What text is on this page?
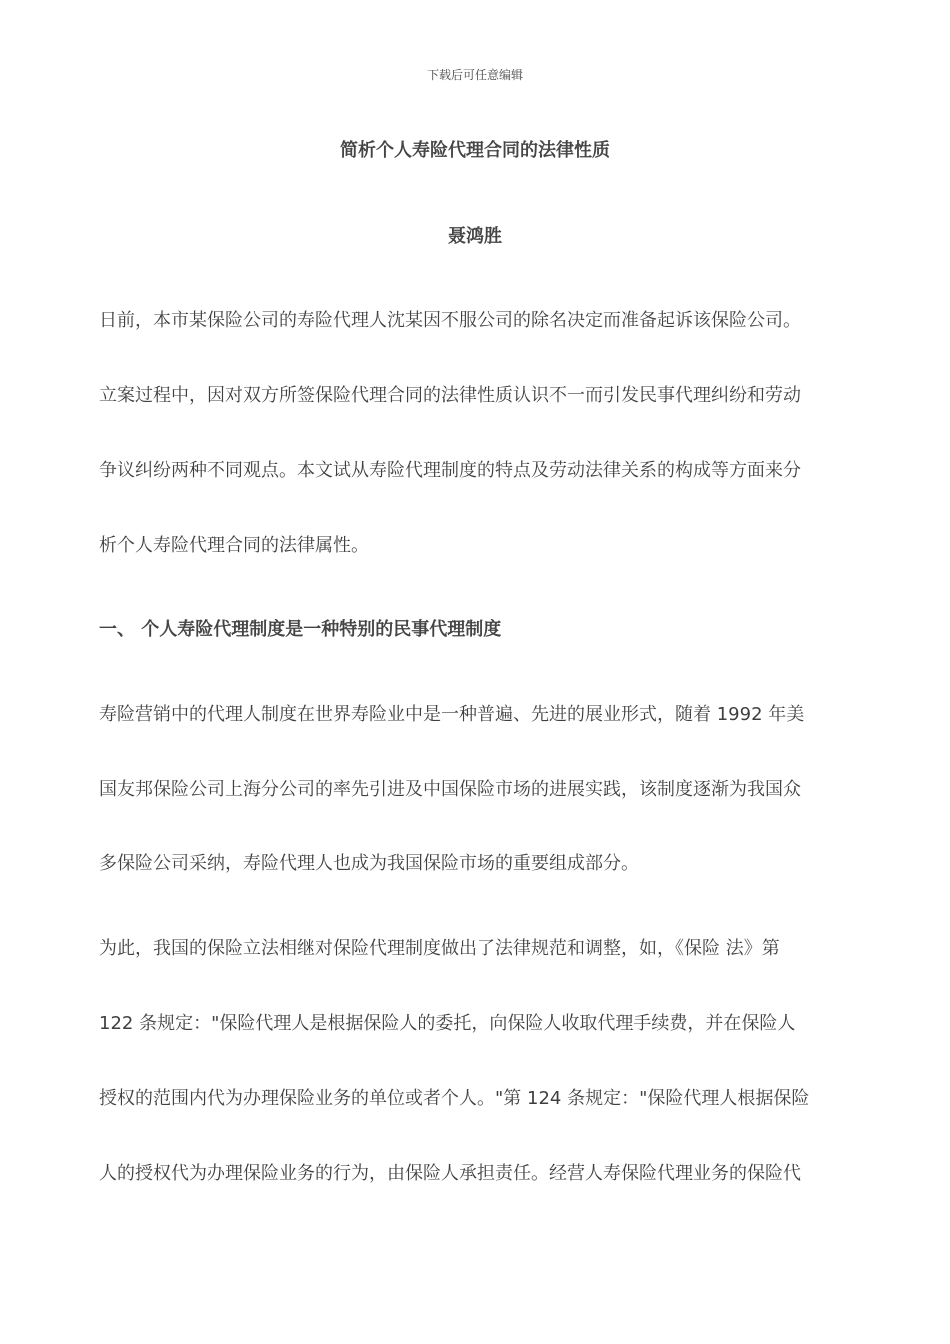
下载后可任意编辑
简析个人寿险代理合同的法律性质
聂鸿胜
日前，本市某保险公司的寿险代理人沈某因不服公司的除名决定而准备起诉该保险公司。
立案过程中，因对双方所签保险代理合同的法律性质认识不一而引发民事代理纠纷和劳动
争议纠纷两种不同观点。本文试从寿险代理制度的特点及劳动法律关系的构成等方面来分
析个人寿险代理合同的法律属性。
一、 个人寿险代理制度是一种特别的民事代理制度
寿险营销中的代理人制度在世界寿险业中是一种普遍、先进的展业形式，随着 1992 年美
国友邦保险公司上海分公司的率先引进及中国保险市场的进展实践，该制度逐渐为我国众
多保险公司采纳，寿险代理人也成为我国保险市场的重要组成部分。
为此，我国的保险立法相继对保险代理制度做出了法律规范和调整，如，《保险 法》第
122 条规定："保险代理人是根据保险人的委托，向保险人收取代理手续费，并在保险人
授权的范围内代为办理保险业务的单位或者个人。"第 124 条规定："保险代理人根据保险
人的授权代为办理保险业务的行为，由保险人承担责任。经营人寿保险代理业务的保险代
